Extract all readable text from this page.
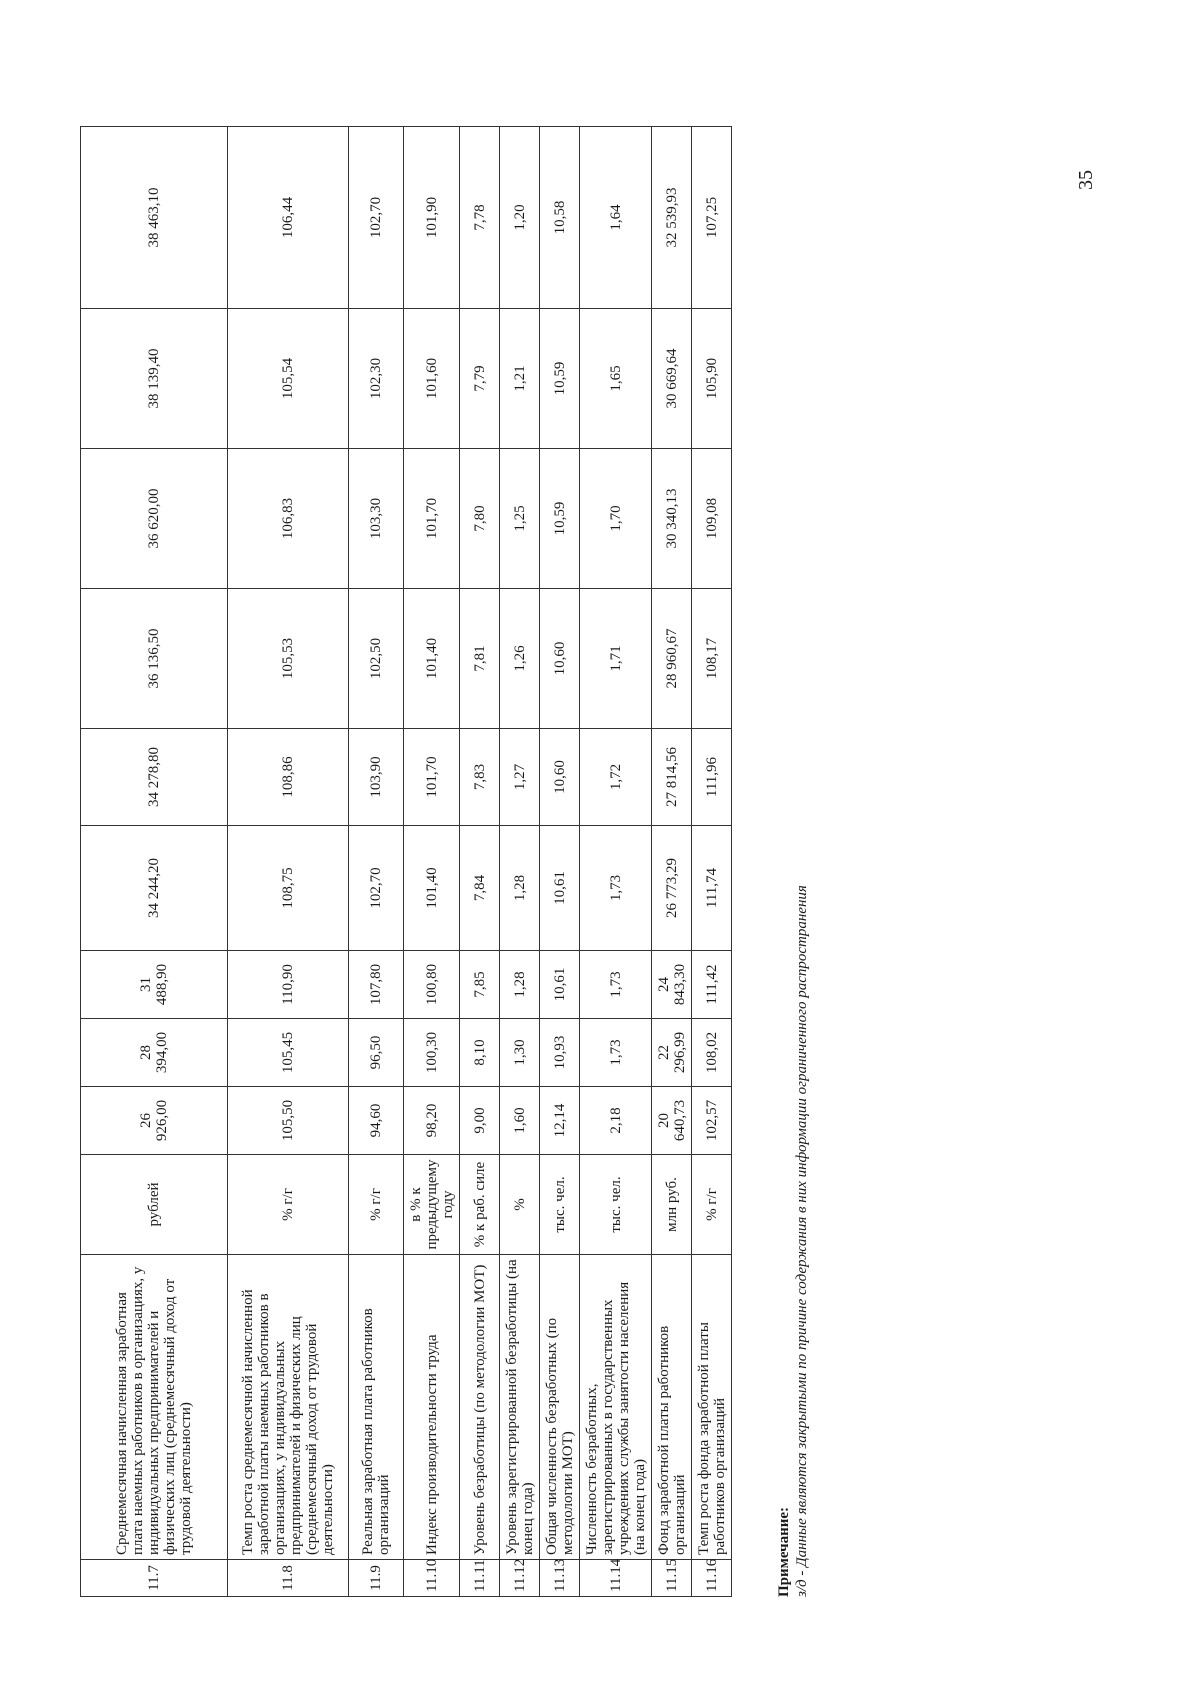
11.7	Среднемесячная начисленная заработная плата наемных работников в организациях, у индивидуальных предпринимателей и физических лиц (среднемесячный доход от трудовой деятельности)	рублей	26 926,00	28 394,00	31 488,90	34 244,20	34 278,80	36 136,50	36 620,00	38 139,40	38 463,10
11.8	Темп роста среднемесячной начисленной заработной платы наемных работников в организациях, у индивидуальных предпринимателей и физических лиц (среднемесячный доход от трудовой деятельности)	% г/г	105,50	105,45	110,90	108,75	108,86	105,53	106,83	105,54	106,44
11.9	Реальная заработная плата работников организаций	% г/г	94,60	96,50	107,80	102,70	103,90	102,50	103,30	102,30	102,70
11.10	Индекс производительности труда	в % к предыдущему году	98,20	100,30	100,80	101,40	101,70	101,40	101,70	101,60	101,90
11.11	Уровень безработицы (по методологии МОТ)	% к раб. силе	9,00	8,10	7,85	7,84	7,83	7,81	7,80	7,79	7,78
11.12	Уровень зарегистрированной безработицы (на конец года)	%	1,60	1,30	1,28	1,28	1,27	1,26	1,25	1,21	1,20
11.13	Общая численность безработных (по методологии МОТ)	тыс. чел.	12,14	10,93	10,61	10,61	10,60	10,60	10,59	10,59	10,58
11.14	Численность безработных, зарегистрированных в государственных учреждениях службы занятости населения (на конец года)	тыс. чел.	2,18	1,73	1,73	1,73	1,72	1,71	1,70	1,65	1,64
11.15	Фонд заработной платы работников организаций	млн руб.	20 640,73	22 296,99	24 843,30	26 773,29	27 814,56	28 960,67	30 340,13	30 669,64	32 539,93
11.16	Темп роста фонда заработной платы работников организаций	% г/г	102,57	108,02	111,42	111,74	111,96	108,17	109,08	105,90	107,25
Примечание: з/д - Данные являются закрытыми по причине содержания в них информации ограниченного распространения
35
